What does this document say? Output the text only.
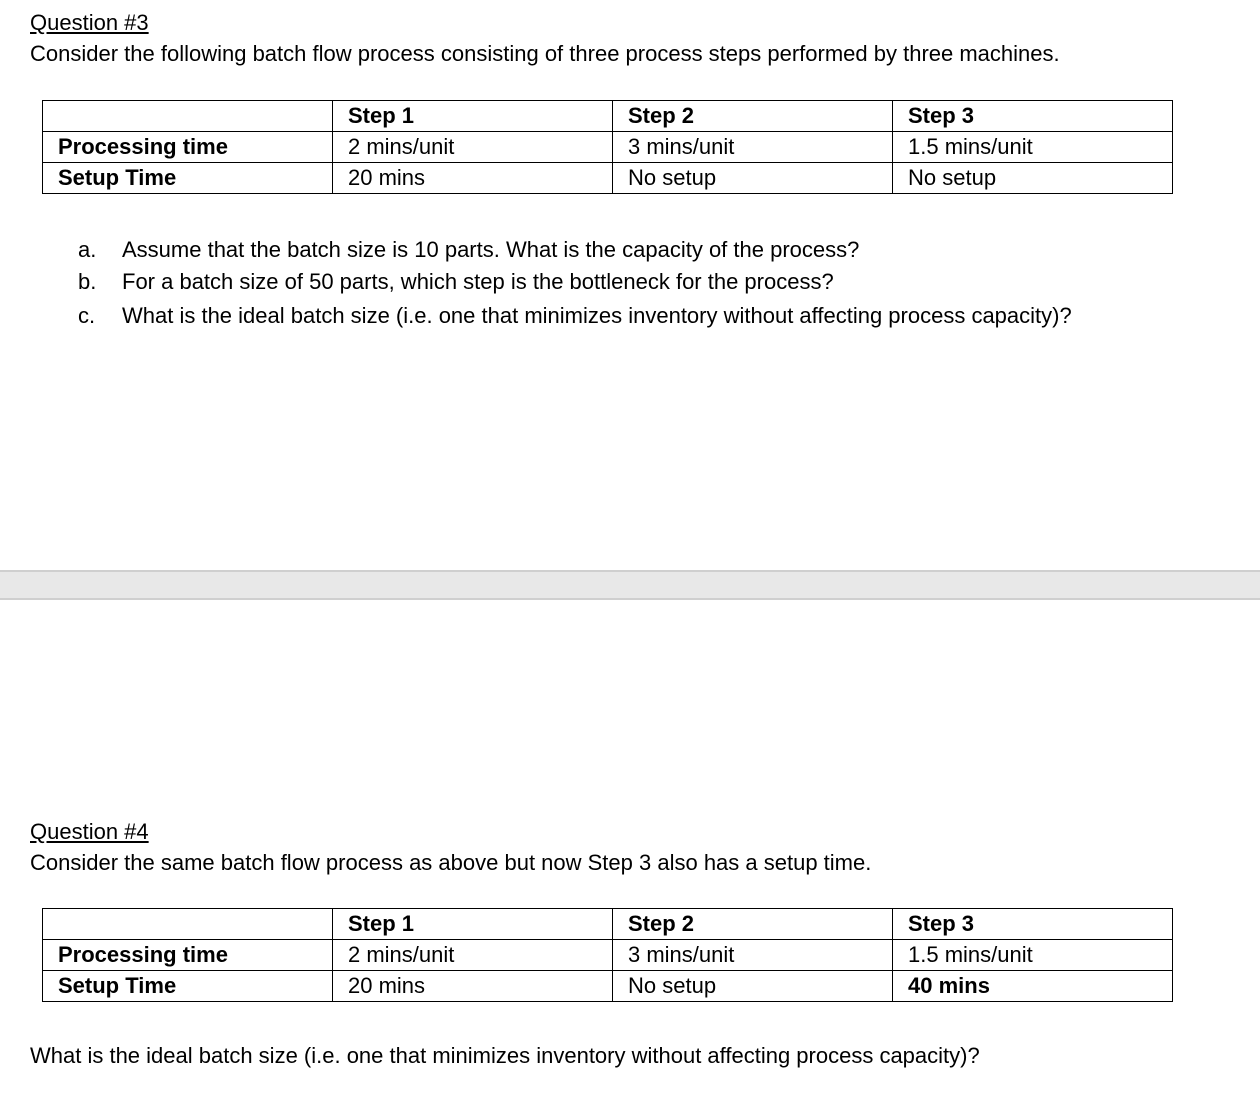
Question #3
Consider the following batch flow process consisting of three process steps performed by three machines.
	Step 1	Step 2	Step 3
Processing time	2 mins/unit	3 mins/unit	1.5 mins/unit
Setup Time	20 mins	No setup	No setup
a. Assume that the batch size is 10 parts. What is the capacity of the process?
b. For a batch size of 50 parts, which step is the bottleneck for the process?
c. What is the ideal batch size (i.e. one that minimizes inventory without affecting process capacity)?
Question #4
Consider the same batch flow process as above but now Step 3 also has a setup time.
	Step 1	Step 2	Step 3
Processing time	2 mins/unit	3 mins/unit	1.5 mins/unit
Setup Time	20 mins	No setup	40 mins
What is the ideal batch size (i.e. one that minimizes inventory without affecting process capacity)?
